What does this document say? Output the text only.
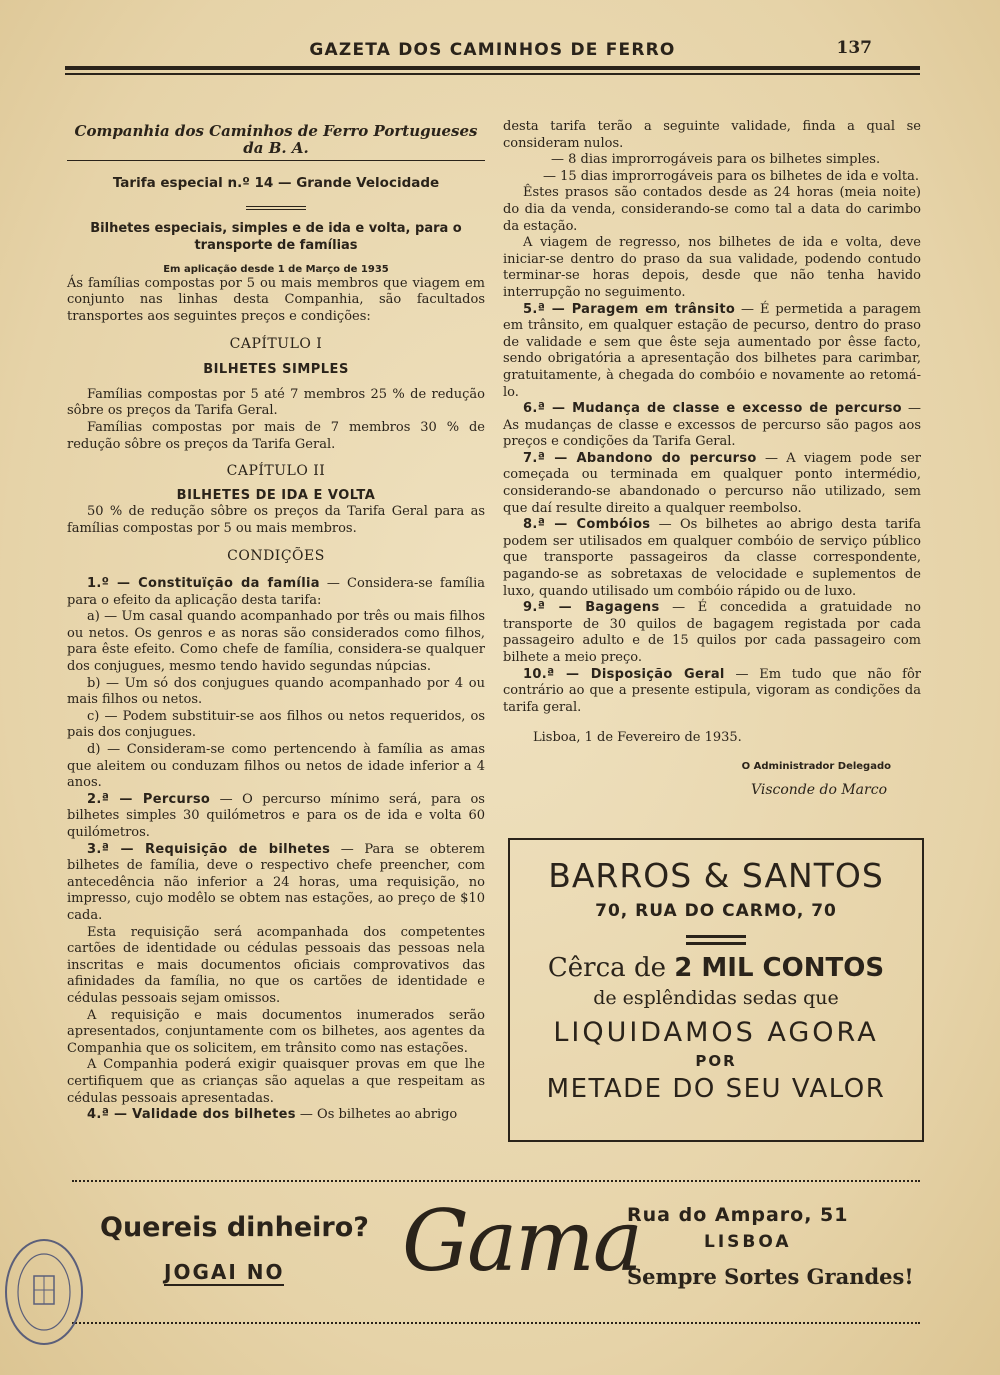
GAZETA DOS CAMINHOS DE FERRO	137
Companhia dos Caminhos de Ferro Portugueses da B. A.

Tarifa especial n.º 14 — Grande Velocidade

Bilhetes especiais, simples e de ida e volta, para o transporte de famílias

Em aplicação desde 1 de Março de 1935

Ás famílias compostas por 5 ou mais membros que viagem em conjunto nas linhas desta Companhia, são facultados transportes aos seguintes preços e condições:

CAPÍTULO I
BILHETES SIMPLES

Famílias compostas por 5 até 7 membros 25 % de redução sôbre os preços da Tarifa Geral.

Famílias compostas por mais de 7 membros 30 % de redução sôbre os preços da Tarifa Geral.

CAPÍTULO II
BILHETES DE IDA E VOLTA

50 % de redução sôbre os preços da Tarifa Geral para as famílias compostas por 5 ou mais membros.

CONDIÇÕES

1.º — Constituïção da família — Considera-se família para o efeito da aplicação desta tarifa:

a) — Um casal quando acompanhado por três ou mais filhos ou netos. Os genros e as noras são considerados como filhos, para êste efeito. Como chefe de família, considera-se qualquer dos conjugues, mesmo tendo havido segundas núpcias.

b) — Um só dos conjugues quando acompanhado por 4 ou mais filhos ou netos.

c) — Podem substituir-se aos filhos ou netos requeridos, os pais dos conjugues.

d) — Consideram-se como pertencendo à família as amas que aleitem ou conduzam filhos ou netos de idade inferior a 4 anos.

2.ª — Percurso — O percurso mínimo será, para os bilhetes simples 30 quilómetros e para os de ida e volta 60 quilómetros.

3.ª — Requisição de bilhetes — Para se obterem bilhetes de família, deve o respectivo chefe preencher, com antecedência não inferior a 24 horas, uma requisição, no impresso, cujo modêlo se obtem nas estações, ao preço de $10 cada.

Esta requisição será acompanhada dos competentes cartões de identidade ou cédulas pessoais das pessoas nela inscritas e mais documentos oficiais comprovativos das afinidades da família, no que os cartões de identidade e cédulas pessoais sejam omissos.

A requisição e mais documentos inumerados serão apresentados, conjuntamente com os bilhetes, aos agentes da Companhia que os solicitem, em trânsito como nas estações.

A Companhia poderá exigir quaisquer provas em que lhe certifiquem que as crianças são aquelas a que respeitam as cédulas pessoais apresentadas.

4.ª — Validade dos bilhetes — Os bilhetes ao abrigo

desta tarifa terão a seguinte validade, finda a qual se consideram nulos.

— 8 dias improrrogáveis para os bilhetes simples.

— 15 dias improrrogáveis para os bilhetes de ida e volta.

Êstes prasos são contados desde as 24 horas (meia noite) do dia da venda, considerando-se como tal a data do carimbo da estação.

A viagem de regresso, nos bilhetes de ida e volta, deve iniciar-se dentro do praso da sua validade, podendo contudo terminar-se horas depois, desde que não tenha havido interrupção no seguimento.

5.ª — Paragem em trânsito — É permetida a paragem em trânsito, em qualquer estação de pecurso, dentro do praso de validade e sem que êste seja aumentado por êsse facto, sendo obrigatória a apresentação dos bilhetes para carimbar, gratuitamente, à chegada do combóio e novamente ao retomá-lo.

6.ª — Mudança de classe e excesso de percurso — As mudanças de classe e excessos de percurso são pagos aos preços e condições da Tarifa Geral.

7.ª — Abandono do percurso — A viagem pode ser começada ou terminada em qualquer ponto intermédio, considerando-se abandonado o percurso não utilizado, sem que daí resulte direito a qualquer reembolso.

8.ª — Combóios — Os bilhetes ao abrigo desta tarifa podem ser utilisados em qualquer combóio de serviço público que transporte passageiros da classe correspondente, pagando-se as sobretaxas de velocidade e suplementos de luxo, quando utilisado um combóio rápido ou de luxo.

9.ª — Bagagens — É concedida a gratuidade no transporte de 30 quilos de bagagem registada por cada passageiro adulto e de 15 quilos por cada passageiro com bilhete a meio preço.

10.ª — Disposição Geral — Em tudo que não fôr contrário ao que a presente estipula, vigoram as condições da tarifa geral.

Lisboa, 1 de Fevereiro de 1935.

O Administrador Delegado
Visconde do Marco
BARROS & SANTOS
70, RUA DO CARMO, 70
Cêrca de 2 MIL CONTOS
de esplêndidas sedas que
LIQUIDAMOS AGORA
POR
METADE DO SEU VALOR
Quereis dinheiro?
JOGAI NO Gama
Rua do Amparo, 51
LISBOA
Sempre Sortes Grandes!
